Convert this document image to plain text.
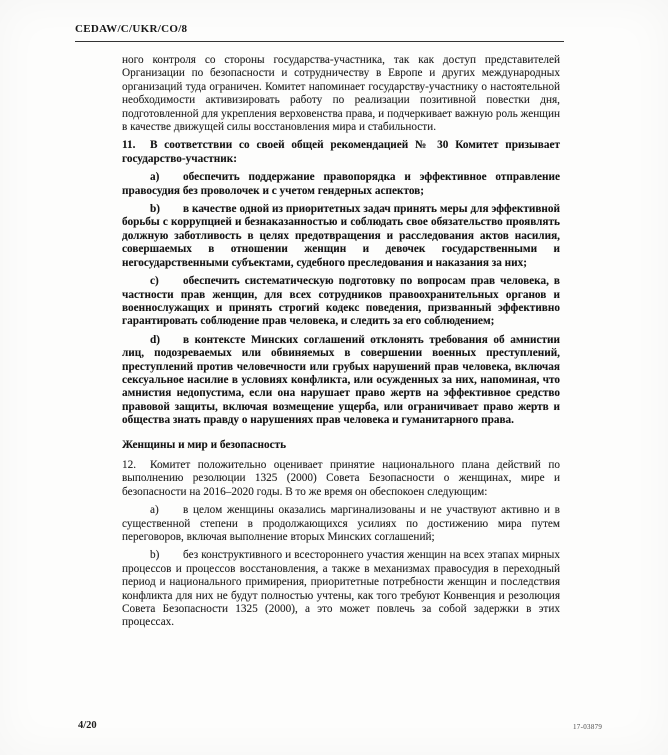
CEDAW/C/UKR/CO/8

ного контроля со стороны государства-участника, так как доступ представителей Организации по безопасности и сотрудничеству в Европе и других международных организаций туда ограничен. Комитет напоминает государству-участнику о настоятельной необходимости активизировать работу по реализации позитивной повестки дня, подготовленной для укрепления верховенства права, и подчеркивает важную роль женщин в качестве движущей силы восстановления мира и стабильности.

11. В соответствии со своей общей рекомендацией № 30 Комитет призывает государство-участник:

a) обеспечить поддержание правопорядка и эффективное отправление правосудия без проволочек и с учетом гендерных аспектов;

b) в качестве одной из приоритетных задач принять меры для эффективной борьбы с коррупцией и безнаказанностью и соблюдать свое обязательство проявлять должную заботливость в целях предотвращения и расследования актов насилия, совершаемых в отношении женщин и девочек государственными и негосударственными субъектами, судебного преследования и наказания за них;

c) обеспечить систематическую подготовку по вопросам прав человека, в частности прав женщин, для всех сотрудников правоохранительных органов и военнослужащих и принять строгий кодекс поведения, призванный эффективно гарантировать соблюдение прав человека, и следить за его соблюдением;

d) в контексте Минских соглашений отклонять требования об амнистии лиц, подозреваемых или обвиняемых в совершении военных преступлений, преступлений против человечности или грубых нарушений прав человека, включая сексуальное насилие в условиях конфликта, или осужденных за них, напоминая, что амнистия недопустима, если она нарушает право жертв на эффективное средство правовой защиты, включая возмещение ущерба, или ограничивает право жертв и общества знать правду о нарушениях прав человека и гуманитарного права.

Женщины и мир и безопасность

12. Комитет положительно оценивает принятие национального плана действий по выполнению резолюции 1325 (2000) Совета Безопасности о женщинах, мире и безопасности на 2016–2020 годы. В то же время он обеспокоен следующим:

a) в целом женщины оказались маргинализованы и не участвуют активно и в существенной степени в продолжающихся усилиях по достижению мира путем переговоров, включая выполнение вторых Минских соглашений;

b) без конструктивного и всестороннего участия женщин на всех этапах мирных процессов и процессов восстановления, а также в механизмах правосудия в переходный период и национального примирения, приоритетные потребности женщин и последствия конфликта для них не будут полностью учтены, как того требуют Конвенция и резолюция Совета Безопасности 1325 (2000), а это может повлечь за собой задержки в этих процессах.

4/20	17-03879
